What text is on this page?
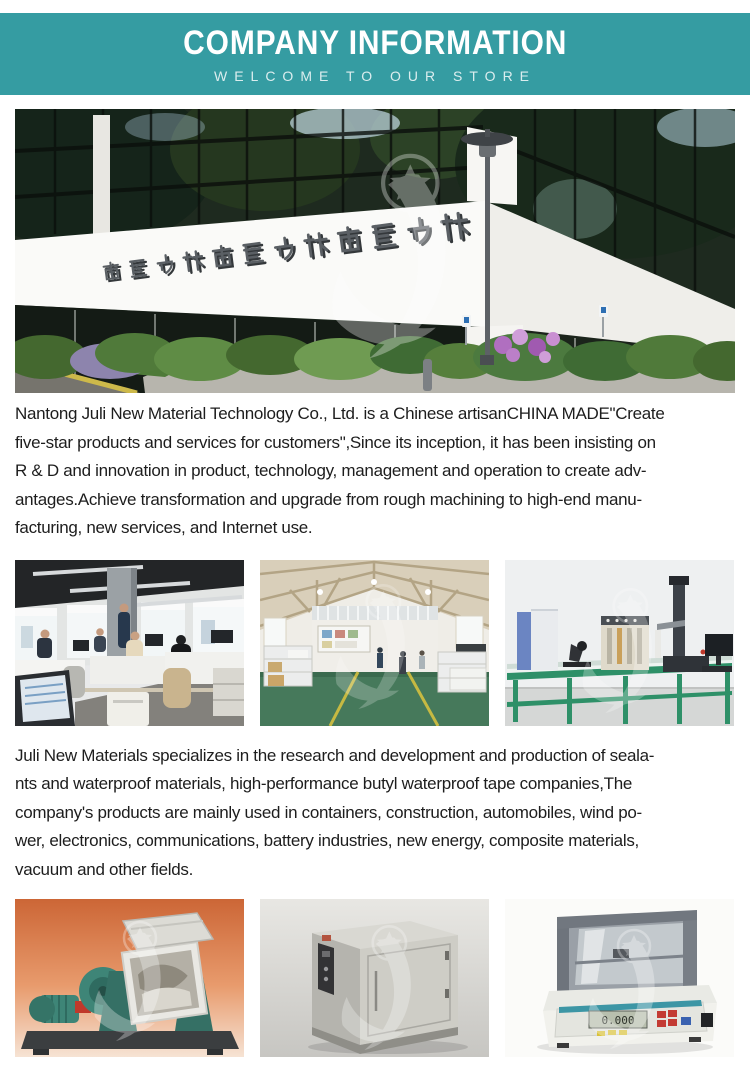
COMPANY INFORMATION
WELCOME TO OUR STORE
Nantong Juli New Material Technology Co., Ltd. is a Chinese artisanCHINA MADE"Create
five-star products and services for customers",Since its inception, it has been insisting on
R & D and innovation in product, technology, management and operation to create adv-
antages.Achieve transformation and upgrade from rough machining to high-end manu-
facturing, new services, and Internet use.
Juli New Materials specializes in the research and development and production of seala-
nts and waterproof materials, high-performance butyl waterproof tape companies,The
company's products are mainly used in containers, construction, automobiles, wind po-
wer, electronics, communications, battery industries, new energy, composite materials,
vacuum and other fields.
0.000
